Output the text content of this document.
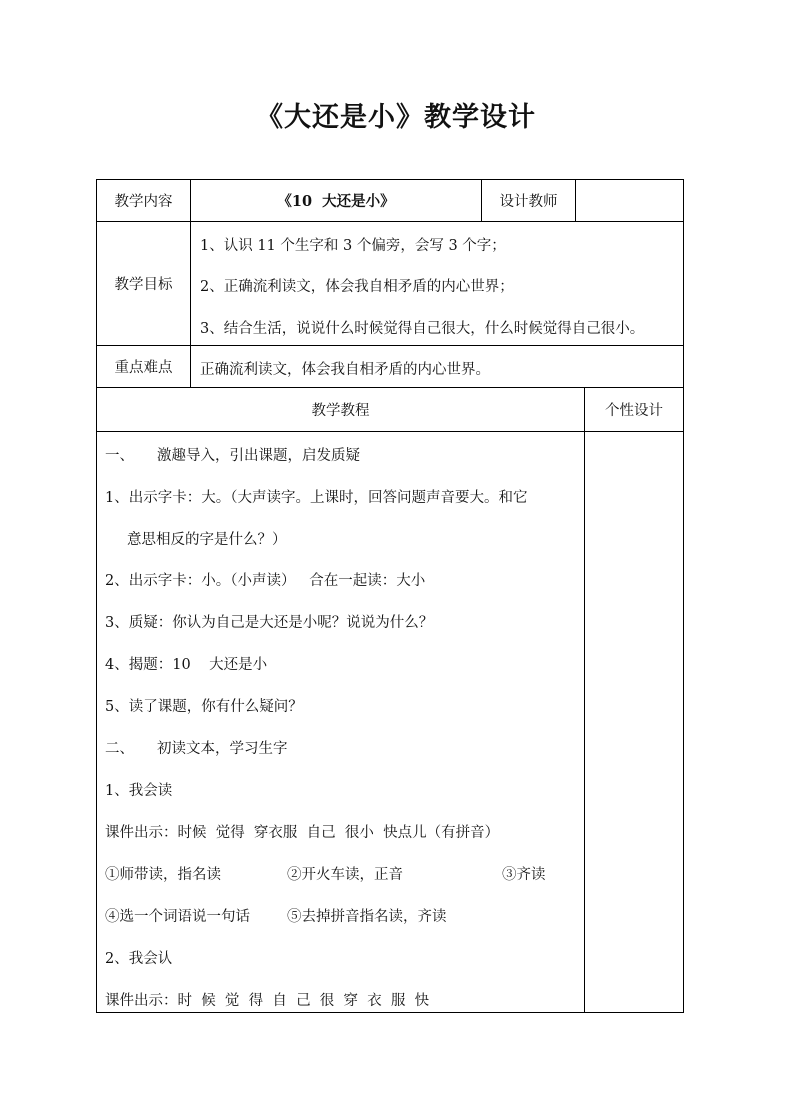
《大还是小》教学设计
教学内容	《10  大还是小》	设计教师
教学目标
1、认识 11 个生字和 3 个偏旁，会写 3 个字；
2、正确流利读文，体会我自相矛盾的内心世界；
3、结合生活，说说什么时候觉得自己很大，什么时候觉得自己很小。
重点难点	正确流利读文，体会我自相矛盾的内心世界。
教学教程	个性设计
一、     激趣导入，引出课题，启发质疑
1、出示字卡：大。（大声读字。上课时，回答问题声音要大。和它
意思相反的字是什么？）
2、出示字卡：小。（小声读）   合在一起读：大小
3、质疑：你认为自己是大还是小呢？说说为什么？
4、揭题：10    大还是小
5、读了课题，你有什么疑问？
二、     初读文本，学习生字
1、我会读
课件出示：时候  觉得  穿衣服  自己  很小  快点儿（有拼音）
①师带读，指名读	②开火车读，正音	③齐读
④选一个词语说一句话	⑤去掉拼音指名读，齐读
2、我会认
课件出示：时  候  觉  得  自  己  很  穿  衣  服  快
